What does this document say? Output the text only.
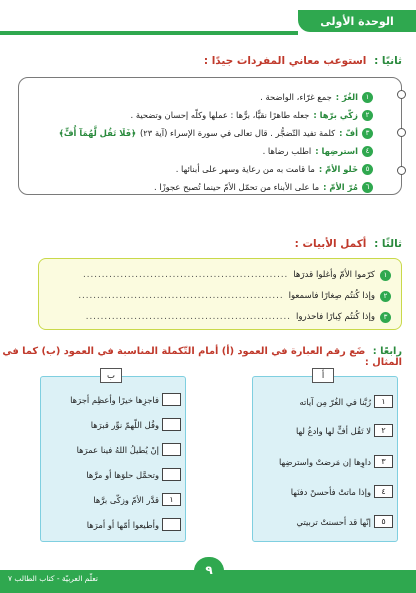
الوحدة الأولى
ثانيًا : استوعب معاني المفردات جيدًا :
١
الغُرّ :
جمع غرّاء، الواضحة .
٢
زكّي برّها :
جعله طاهرًا نقيًّا، برًّها : عملها وكلّه إحسان وتضحية .
٣
أفّ :
كلمة تفيد التّضجُّر . قال تعالى في سورة الإسراء (آية ٢٣)
﴿فَلَا تَقُل لَّهُمَآ أُفٍّ﴾
٤
استرضِها :
اطلب رضاها .
٥
خَلو الأمّ :
ما قامت به من رعاية وسهر على أبنائها .
٦
مُرّ الأمّ :
ما على الأبناء من تحمّل الأمّ حينما تُصبح عجوزًا .
ثالثًا : أكمل الأبيات :
١
كرّموا الأمّ وأغلوا قدرَها
.......................................................
٢
وإذا كُنتُم صِغارًا فاسمعوا
.......................................................
٣
وإذا كُنتُم كِبارًا فاحذروا
.......................................................
رابعًا : ضَع رقم العبارة في العمود (أ) أمام التّكملة المناسبة في العمود (ب) كما في المثال :
رُبَّنا في الغُرّ مِن آياته	١
لا تَقُل أفٍّ لها وادعُ لها	٢
داوِها إن مَرضتْ واسترضِها	٣
وإذا ماتتْ فأحسنْ دفنَها	٤
إنّها قد أحسنتْ تربيتي	٥
أ
فاجزِها خيرًا وأعظِم أجرَها
وقُل اللّهمّ نوِّر قبرَها
إنْ يُطيلُ اللهُ فينا عمرَها
وتحمَّل حلوَها أو مرَّها
قدَّر الأمّ وزكّى برَّها	١
وأطيعوا أمّها أو أمرَها
ب
٩
تعلّم العربيّة - كتاب الطالب ٧
